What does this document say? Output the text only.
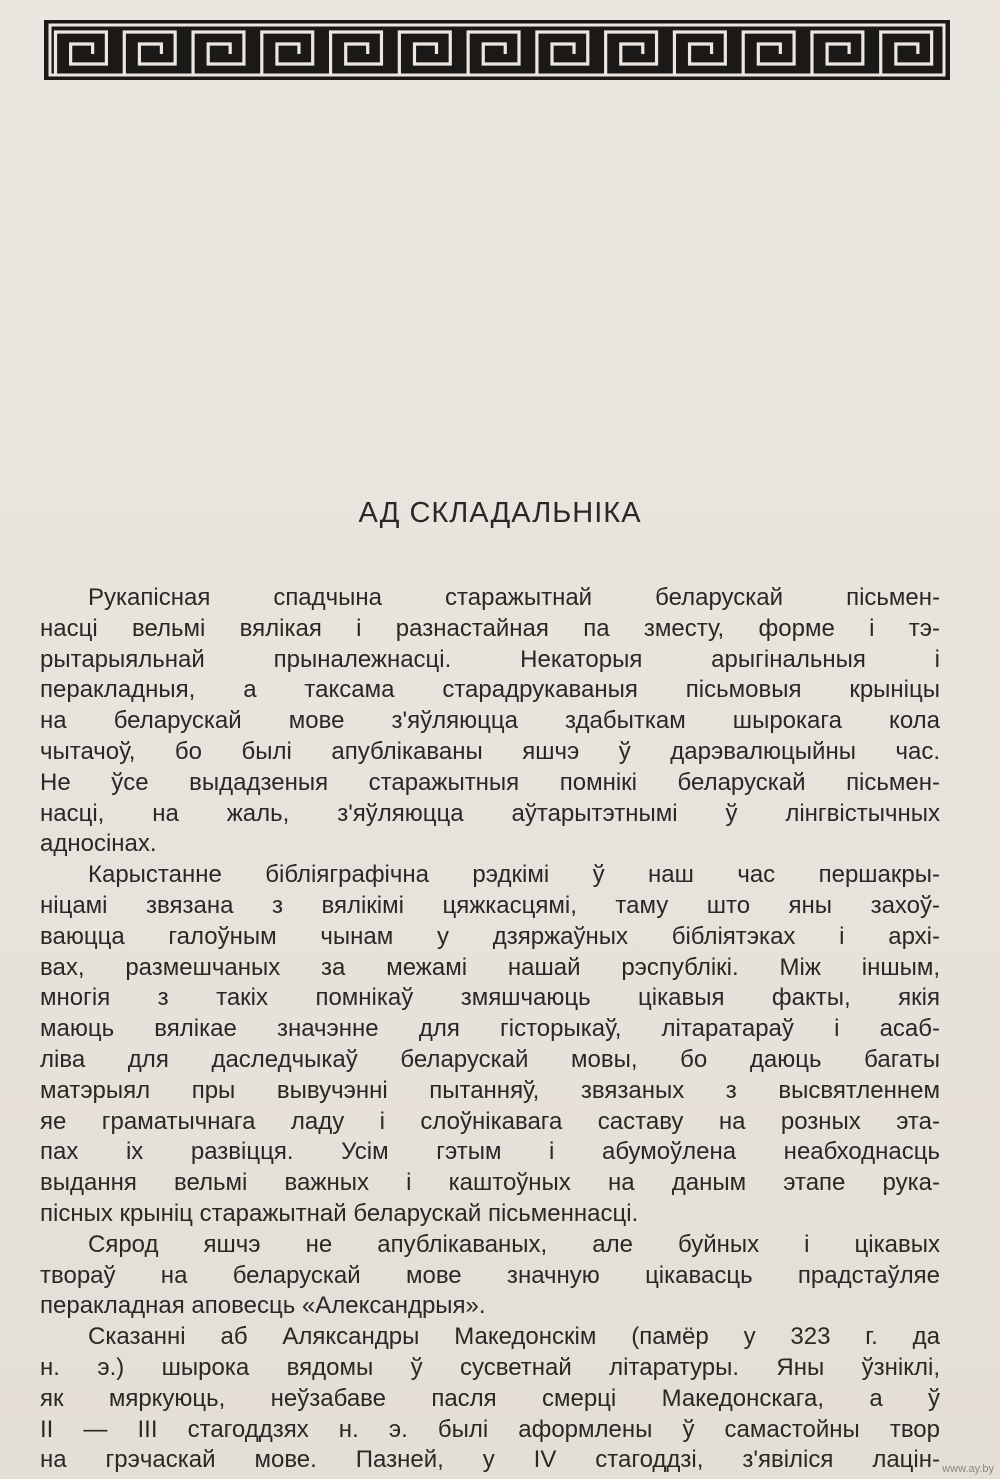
АД СКЛАДАЛЬНІКА
Рукапісная спадчына старажытнай беларускай пісьмен-
насці вельмі вялікая і разнастайная па зместу, форме і тэ-
рытарыяльнай прыналежнасці. Некаторыя арыгінальныя і
перакладныя, а таксама старадрукаваныя пісьмовыя крыніцы
на беларускай мове з'яўляюцца здабыткам шырокага кола
чытачоў, бо былі апублікаваны яшчэ ў дарэвалюцыйны час.
Не ўсе выдадзеныя старажытныя помнікі беларускай пісьмен-
насці, на жаль, з'яўляюцца аўтарытэтнымі ў лінгвістычных
адносінах.
Карыстанне бібліяграфічна рэдкімі ў наш час першакры-
ніцамі звязана з вялікімі цяжкасцямі, таму што яны захоў-
ваюцца галоўным чынам у дзяржаўных бібліятэках і архі-
вах, размешчаных за межамі нашай рэспублікі. Між іншым,
многія з такіх помнікаў змяшчаюць цікавыя факты, якія
маюць вялікае значэнне для гісторыкаў, літаратараў і асаб-
ліва для даследчыкаў беларускай мовы, бо даюць багаты
матэрыял пры вывучэнні пытанняў, звязаных з высвятленнем
яе граматычнага ладу і слоўнікавага саставу на розных эта-
пах іх развіцця. Усім гэтым і абумоўлена неабходнасць
выдання вельмі важных і каштоўных на даным этапе рука-
пісных крыніц старажытнай беларускай пісьменнасці.
Сярод яшчэ не апублікаваных, але буйных і цікавых
твораў на беларускай мове значную цікавасць прадстаўляе
перакладная аповесць «Александрыя».
Сказанні аб Аляксандры Македонскім (памёр у 323 г. да
н. э.) шырока вядомы ў сусветнай літаратуры. Яны ўзніклі,
як мяркуюць, неўзабаве пасля смерці Македонскага, а ў
II — III стагоддзях н. э. былі аформлены ў самастойны твор
на грэчаскай мове. Пазней, у IV стагоддзі, з'явіліся лацін- www.ay.by
